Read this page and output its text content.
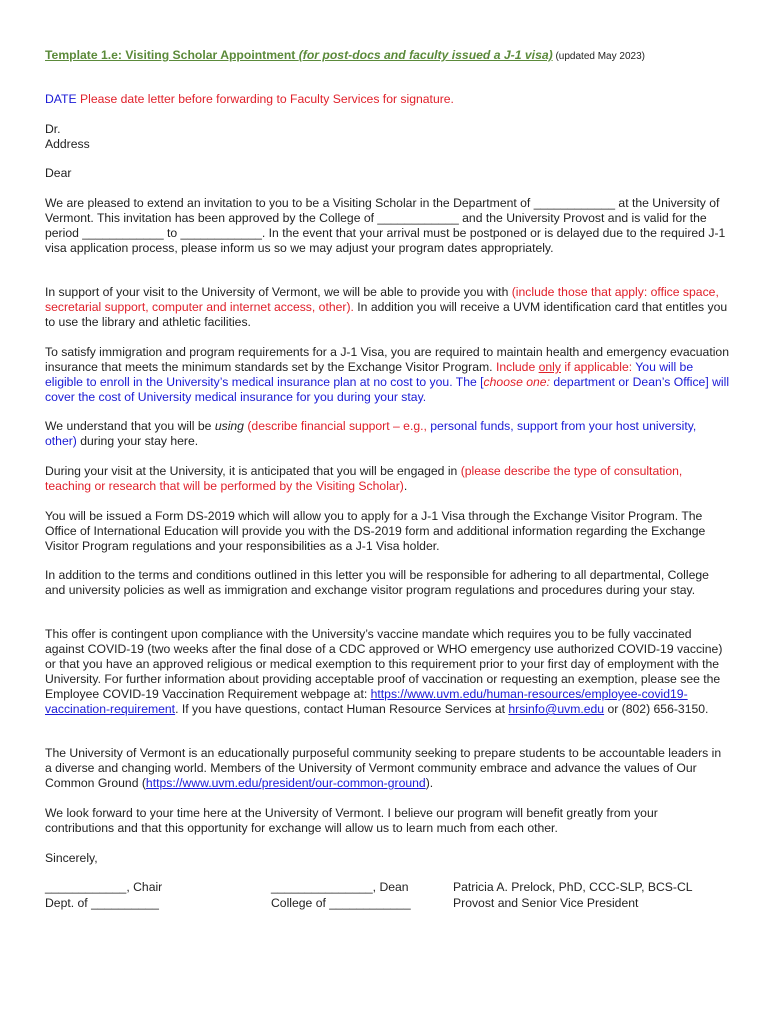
Template 1.e: Visiting Scholar Appointment (for post-docs and faculty issued a J-1 visa) (updated May 2023)
DATE Please date letter before forwarding to Faculty Services for signature.
Dr.
Address
Dear
We are pleased to extend an invitation to you to be a Visiting Scholar in the Department of ____________ at the University of Vermont. This invitation has been approved by the College of ____________ and the University Provost and is valid for the period ____________ to ____________. In the event that your arrival must be postponed or is delayed due to the required J-1 visa application process, please inform us so we may adjust your program dates appropriately.
In support of your visit to the University of Vermont, we will be able to provide you with (include those that apply: office space, secretarial support, computer and internet access, other). In addition you will receive a UVM identification card that entitles you to use the library and athletic facilities.
To satisfy immigration and program requirements for a J-1 Visa, you are required to maintain health and emergency evacuation insurance that meets the minimum standards set by the Exchange Visitor Program. Include only if applicable: You will be eligible to enroll in the University’s medical insurance plan at no cost to you. The [choose one: department or Dean’s Office] will cover the cost of University medical insurance for you during your stay.
We understand that you will be using (describe financial support – e.g., personal funds, support from your host university, other) during your stay here.
During your visit at the University, it is anticipated that you will be engaged in (please describe the type of consultation, teaching or research that will be performed by the Visiting Scholar).
You will be issued a Form DS-2019 which will allow you to apply for a J-1 Visa through the Exchange Visitor Program. The Office of International Education will provide you with the DS-2019 form and additional information regarding the Exchange Visitor Program regulations and your responsibilities as a J-1 Visa holder.
In addition to the terms and conditions outlined in this letter you will be responsible for adhering to all departmental, College and university policies as well as immigration and exchange visitor program regulations and procedures during your stay.
This offer is contingent upon compliance with the University’s vaccine mandate which requires you to be fully vaccinated against COVID-19 (two weeks after the final dose of a CDC approved or WHO emergency use authorized COVID-19 vaccine) or that you have an approved religious or medical exemption to this requirement prior to your first day of employment with the University. For further information about providing acceptable proof of vaccination or requesting an exemption, please see the Employee COVID-19 Vaccination Requirement webpage at: https://www.uvm.edu/human-resources/employee-covid19-vaccination-requirement. If you have questions, contact Human Resource Services at hrsinfo@uvm.edu or (802) 656-3150.
The University of Vermont is an educationally purposeful community seeking to prepare students to be accountable leaders in a diverse and changing world. Members of the University of Vermont community embrace and advance the values of Our Common Ground (https://www.uvm.edu/president/our-common-ground).
We look forward to your time here at the University of Vermont. I believe our program will benefit greatly from your contributions and that this opportunity for exchange will allow us to learn much from each other.
Sincerely,
____________, Chair
Dept. of __________
_______________, Dean
College of ____________
Patricia A. Prelock, PhD, CCC-SLP, BCS-CL
Provost and Senior Vice President
